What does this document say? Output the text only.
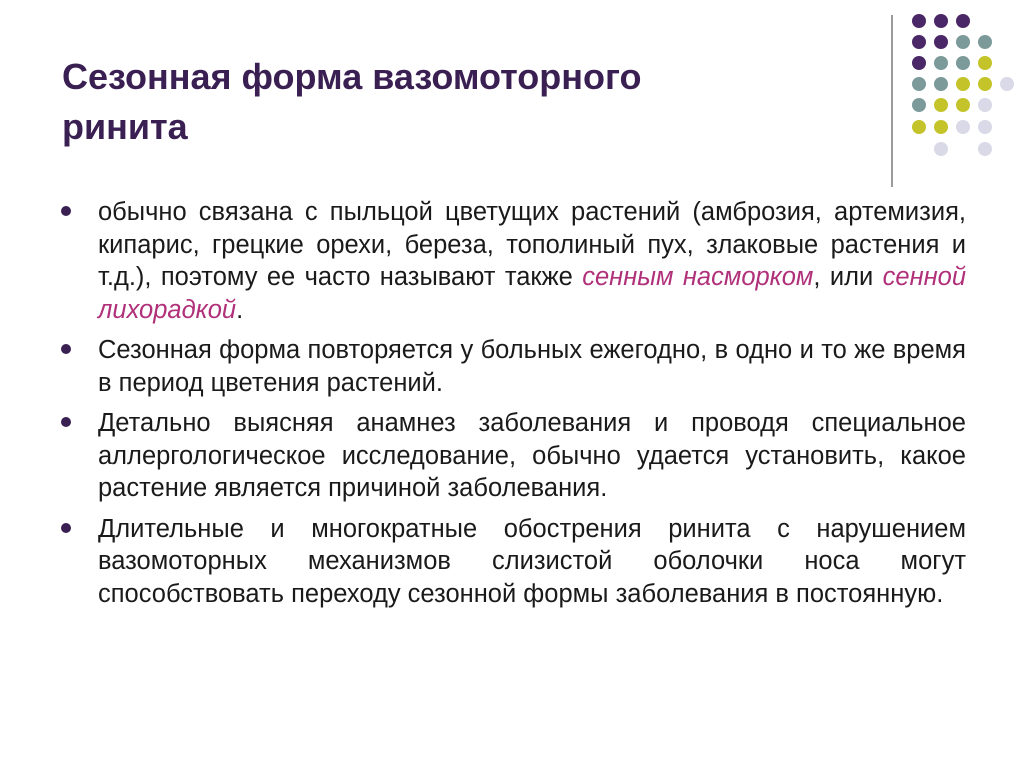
Сезонная форма вазомоторного
ринита
обычно связана с пыльцой цветущих растений (амброзия, артемизия, кипарис, грецкие орехи, береза, тополиный пух, злаковые растения и т.д.), поэтому ее часто называют также сенным насморком, или сенной лихорадкой.
Сезонная форма повторяется у больных ежегодно, в одно и то же время в период цветения растений.
Детально выясняя анамнез заболевания и проводя специальное аллергологическое исследование, обычно удается установить, какое растение является причиной заболевания.
Длительные и многократные обострения ринита с нарушением вазомоторных механизмов слизистой оболочки носа могут способствовать переходу сезонной формы заболевания в постоянную.
